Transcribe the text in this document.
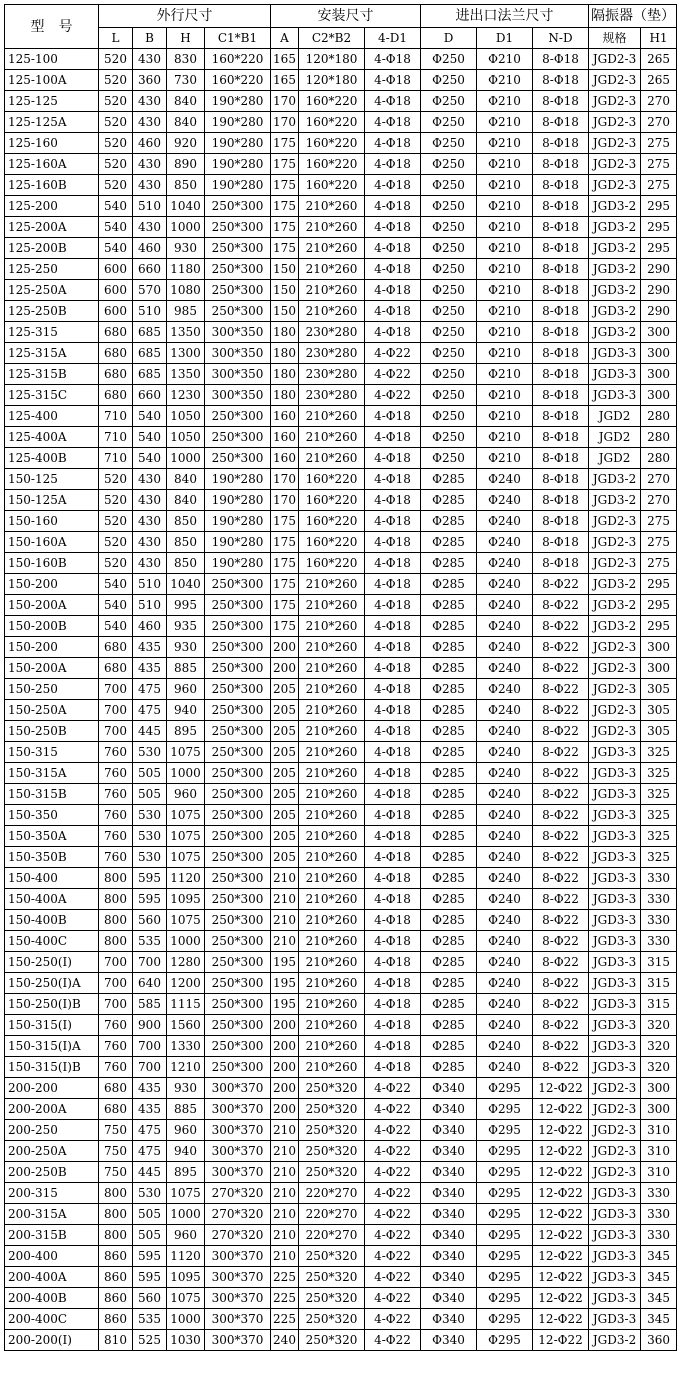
型　号	外行尺寸				安装尺寸			进出口法兰尺寸			隔振器（垫）	
	L	B	H	C1*B1	A	C2*B2	4-D1	D	D1	N-D	规格	H1
125-100	520	430	830	160*220	165	120*180	4-Φ18	Φ250	Φ210	8-Φ18	JGD2-3	265
125-100A	520	360	730	160*220	165	120*180	4-Φ18	Φ250	Φ210	8-Φ18	JGD2-3	265
125-125	520	430	840	190*280	170	160*220	4-Φ18	Φ250	Φ210	8-Φ18	JGD2-3	270
125-125A	520	430	840	190*280	170	160*220	4-Φ18	Φ250	Φ210	8-Φ18	JGD2-3	270
125-160	520	460	920	190*280	175	160*220	4-Φ18	Φ250	Φ210	8-Φ18	JGD2-3	275
125-160A	520	430	890	190*280	175	160*220	4-Φ18	Φ250	Φ210	8-Φ18	JGD2-3	275
125-160B	520	430	850	190*280	175	160*220	4-Φ18	Φ250	Φ210	8-Φ18	JGD2-3	275
125-200	540	510	1040	250*300	175	210*260	4-Φ18	Φ250	Φ210	8-Φ18	JGD3-2	295
125-200A	540	430	1000	250*300	175	210*260	4-Φ18	Φ250	Φ210	8-Φ18	JGD3-2	295
125-200B	540	460	930	250*300	175	210*260	4-Φ18	Φ250	Φ210	8-Φ18	JGD3-2	295
125-250	600	660	1180	250*300	150	210*260	4-Φ18	Φ250	Φ210	8-Φ18	JGD3-2	290
125-250A	600	570	1080	250*300	150	210*260	4-Φ18	Φ250	Φ210	8-Φ18	JGD3-2	290
125-250B	600	510	985	250*300	150	210*260	4-Φ18	Φ250	Φ210	8-Φ18	JGD3-2	290
125-315	680	685	1350	300*350	180	230*280	4-Φ18	Φ250	Φ210	8-Φ18	JGD3-2	300
125-315A	680	685	1300	300*350	180	230*280	4-Φ22	Φ250	Φ210	8-Φ18	JGD3-3	300
125-315B	680	685	1350	300*350	180	230*280	4-Φ22	Φ250	Φ210	8-Φ18	JGD3-3	300
125-315C	680	660	1230	300*350	180	230*280	4-Φ22	Φ250	Φ210	8-Φ18	JGD3-3	300
125-400	710	540	1050	250*300	160	210*260	4-Φ18	Φ250	Φ210	8-Φ18	JGD2	280
125-400A	710	540	1050	250*300	160	210*260	4-Φ18	Φ250	Φ210	8-Φ18	JGD2	280
125-400B	710	540	1000	250*300	160	210*260	4-Φ18	Φ250	Φ210	8-Φ18	JGD2	280
150-125	520	430	840	190*280	170	160*220	4-Φ18	Φ285	Φ240	8-Φ18	JGD3-2	270
150-125A	520	430	840	190*280	170	160*220	4-Φ18	Φ285	Φ240	8-Φ18	JGD3-2	270
150-160	520	430	850	190*280	175	160*220	4-Φ18	Φ285	Φ240	8-Φ18	JGD2-3	275
150-160A	520	430	850	190*280	175	160*220	4-Φ18	Φ285	Φ240	8-Φ18	JGD2-3	275
150-160B	520	430	850	190*280	175	160*220	4-Φ18	Φ285	Φ240	8-Φ18	JGD2-3	275
150-200	540	510	1040	250*300	175	210*260	4-Φ18	Φ285	Φ240	8-Φ22	JGD3-2	295
150-200A	540	510	995	250*300	175	210*260	4-Φ18	Φ285	Φ240	8-Φ22	JGD3-2	295
150-200B	540	460	935	250*300	175	210*260	4-Φ18	Φ285	Φ240	8-Φ22	JGD3-2	295
150-200	680	435	930	250*300	200	210*260	4-Φ18	Φ285	Φ240	8-Φ22	JGD2-3	300
150-200A	680	435	885	250*300	200	210*260	4-Φ18	Φ285	Φ240	8-Φ22	JGD2-3	300
150-250	700	475	960	250*300	205	210*260	4-Φ18	Φ285	Φ240	8-Φ22	JGD2-3	305
150-250A	700	475	940	250*300	205	210*260	4-Φ18	Φ285	Φ240	8-Φ22	JGD2-3	305
150-250B	700	445	895	250*300	205	210*260	4-Φ18	Φ285	Φ240	8-Φ22	JGD2-3	305
150-315	760	530	1075	250*300	205	210*260	4-Φ18	Φ285	Φ240	8-Φ22	JGD3-3	325
150-315A	760	505	1000	250*300	205	210*260	4-Φ18	Φ285	Φ240	8-Φ22	JGD3-3	325
150-315B	760	505	960	250*300	205	210*260	4-Φ18	Φ285	Φ240	8-Φ22	JGD3-3	325
150-350	760	530	1075	250*300	205	210*260	4-Φ18	Φ285	Φ240	8-Φ22	JGD3-3	325
150-350A	760	530	1075	250*300	205	210*260	4-Φ18	Φ285	Φ240	8-Φ22	JGD3-3	325
150-350B	760	530	1075	250*300	205	210*260	4-Φ18	Φ285	Φ240	8-Φ22	JGD3-3	325
150-400	800	595	1120	250*300	210	210*260	4-Φ18	Φ285	Φ240	8-Φ22	JGD3-3	330
150-400A	800	595	1095	250*300	210	210*260	4-Φ18	Φ285	Φ240	8-Φ22	JGD3-3	330
150-400B	800	560	1075	250*300	210	210*260	4-Φ18	Φ285	Φ240	8-Φ22	JGD3-3	330
150-400C	800	535	1000	250*300	210	210*260	4-Φ18	Φ285	Φ240	8-Φ22	JGD3-3	330
150-250(I)	700	700	1280	250*300	195	210*260	4-Φ18	Φ285	Φ240	8-Φ22	JGD3-3	315
150-250(I)A	700	640	1200	250*300	195	210*260	4-Φ18	Φ285	Φ240	8-Φ22	JGD3-3	315
150-250(I)B	700	585	1115	250*300	195	210*260	4-Φ18	Φ285	Φ240	8-Φ22	JGD3-3	315
150-315(I)	760	900	1560	250*300	200	210*260	4-Φ18	Φ285	Φ240	8-Φ22	JGD3-3	320
150-315(I)A	760	700	1330	250*300	200	210*260	4-Φ18	Φ285	Φ240	8-Φ22	JGD3-3	320
150-315(I)B	760	700	1210	250*300	200	210*260	4-Φ18	Φ285	Φ240	8-Φ22	JGD3-3	320
200-200	680	435	930	300*370	200	250*320	4-Φ22	Φ340	Φ295	12-Φ22	JGD2-3	300
200-200A	680	435	885	300*370	200	250*320	4-Φ22	Φ340	Φ295	12-Φ22	JGD2-3	300
200-250	750	475	960	300*370	210	250*320	4-Φ22	Φ340	Φ295	12-Φ22	JGD2-3	310
200-250A	750	475	940	300*370	210	250*320	4-Φ22	Φ340	Φ295	12-Φ22	JGD2-3	310
200-250B	750	445	895	300*370	210	250*320	4-Φ22	Φ340	Φ295	12-Φ22	JGD2-3	310
200-315	800	530	1075	270*320	210	220*270	4-Φ22	Φ340	Φ295	12-Φ22	JGD3-3	330
200-315A	800	505	1000	270*320	210	220*270	4-Φ22	Φ340	Φ295	12-Φ22	JGD3-3	330
200-315B	800	505	960	270*320	210	220*270	4-Φ22	Φ340	Φ295	12-Φ22	JGD3-3	330
200-400	860	595	1120	300*370	210	250*320	4-Φ22	Φ340	Φ295	12-Φ22	JGD3-3	345
200-400A	860	595	1095	300*370	225	250*320	4-Φ22	Φ340	Φ295	12-Φ22	JGD3-3	345
200-400B	860	560	1075	300*370	225	250*320	4-Φ22	Φ340	Φ295	12-Φ22	JGD3-3	345
200-400C	860	535	1000	300*370	225	250*320	4-Φ22	Φ340	Φ295	12-Φ22	JGD3-3	345
200-200(I)	810	525	1030	300*370	240	250*320	4-Φ22	Φ340	Φ295	12-Φ22	JGD3-2	360
